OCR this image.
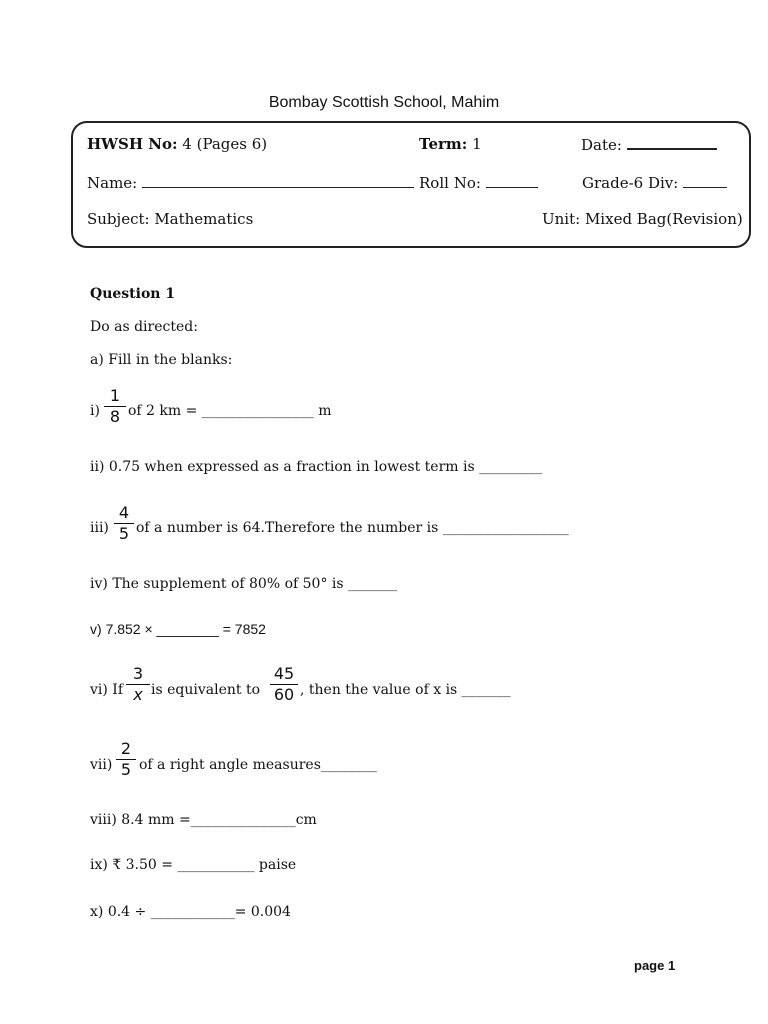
Bombay Scottish School, Mahim
HWSH No: 4 (Pages 6)	Term: 1	Date:
Name:	Roll No:	Grade-6 Div:
Subject: Mathematics	Unit: Mixed Bag(Revision)
Question 1
Do as directed:
a) Fill in the blanks:
i)
1
8 of 2 km = ________________ m
ii) 0.75 when expressed as a fraction in lowest term is _________
iii)
4
5 of a number is 64.Therefore the number is __________________
iv) The supplement of 80% of 50° is _______
v) 7.852 × ________ = 7852
vi) If
3
x is equivalent to
45
60 , then the value of x is _______
vii)
2
5 of a right angle measures________
viii) 8.4 mm =_______________cm
ix) ₹ 3.50 = ___________ paise
x) 0.4 ÷ ____________= 0.004
page 1
